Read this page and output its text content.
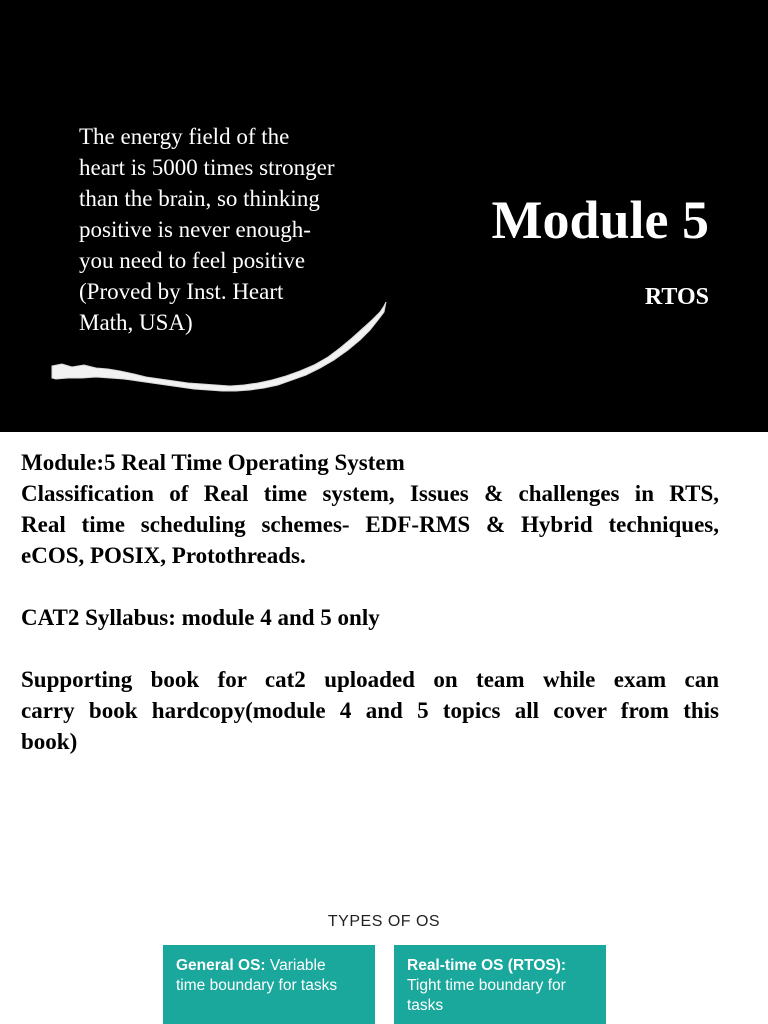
The energy field of the
heart is 5000 times stronger
than the brain, so thinking
positive is never enough-
you need to feel positive
(Proved by Inst. Heart
Math, USA)
Module 5
RTOS

Module:5 Real Time Operating System

Classification of Real time system, Issues & challenges in RTS,
Real time scheduling schemes- EDF-RMS & Hybrid techniques,
eCOS, POSIX, Protothreads.

CAT2 Syllabus: module 4 and 5 only

Supporting book for cat2 uploaded on team while exam can
carry book hardcopy(module 4 and 5 topics all cover from this
book)

TYPES OF OS
General OS: Variable
time boundary for tasks
Real-time OS (RTOS):
Tight time boundary for
tasks
